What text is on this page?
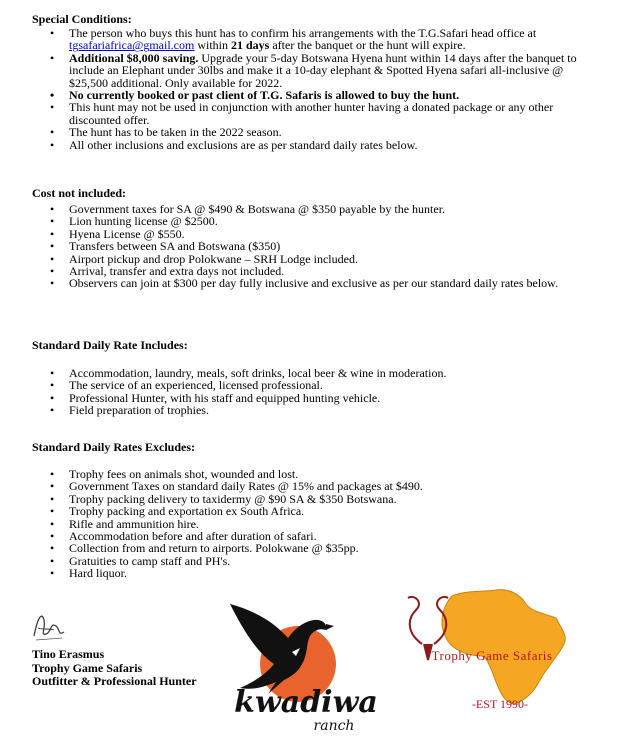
Special Conditions:
• The person who buys this hunt has to confirm his arrangements with the T.G.Safari head office at tgsafariafrica@gmail.com within 21 days after the banquet or the hunt will expire.
• Additional $8,000 saving. Upgrade your 5-day Botswana Hyena hunt within 14 days after the banquet to include an Elephant under 30lbs and make it a 10-day elephant & Spotted Hyena safari all-inclusive @ $25,500 additional. Only available for 2022.
• No currently booked or past client of T.G. Safaris is allowed to buy the hunt.
• This hunt may not be used in conjunction with another hunter having a donated package or any other discounted offer.
• The hunt has to be taken in the 2022 season.
• All other inclusions and exclusions are as per standard daily rates below.
Cost not included:
• Government taxes for SA @ $490 & Botswana @ $350 payable by the hunter.
• Lion hunting license @ $2500.
• Hyena License @ $550.
• Transfers between SA and Botswana ($350)
• Airport pickup and drop Polokwane – SRH Lodge included.
• Arrival, transfer and extra days not included.
• Observers can join at $300 per day fully inclusive and exclusive as per our standard daily rates below.
Standard Daily Rate Includes:
• Accommodation, laundry, meals, soft drinks, local beer & wine in moderation.
• The service of an experienced, licensed professional.
• Professional Hunter, with his staff and equipped hunting vehicle.
• Field preparation of trophies.
Standard Daily Rates Excludes:
• Trophy fees on animals shot, wounded and lost.
• Government Taxes on standard daily Rates @ 15% and packages at $490.
• Trophy packing delivery to taxidermy @ $90 SA & $350 Botswana.
• Trophy packing and exportation ex South Africa.
• Rifle and ammunition hire.
• Accommodation before and after duration of safari.
• Collection from and return to airports. Polokwane @ $35pp.
• Gratuities to camp staff and PH's.
• Hard liquor.
Tino Erasmus
Trophy Game Safaris
Outfitter & Professional Hunter
kwadiwa
ranch
Trophy Game Safaris
-EST 1990-
